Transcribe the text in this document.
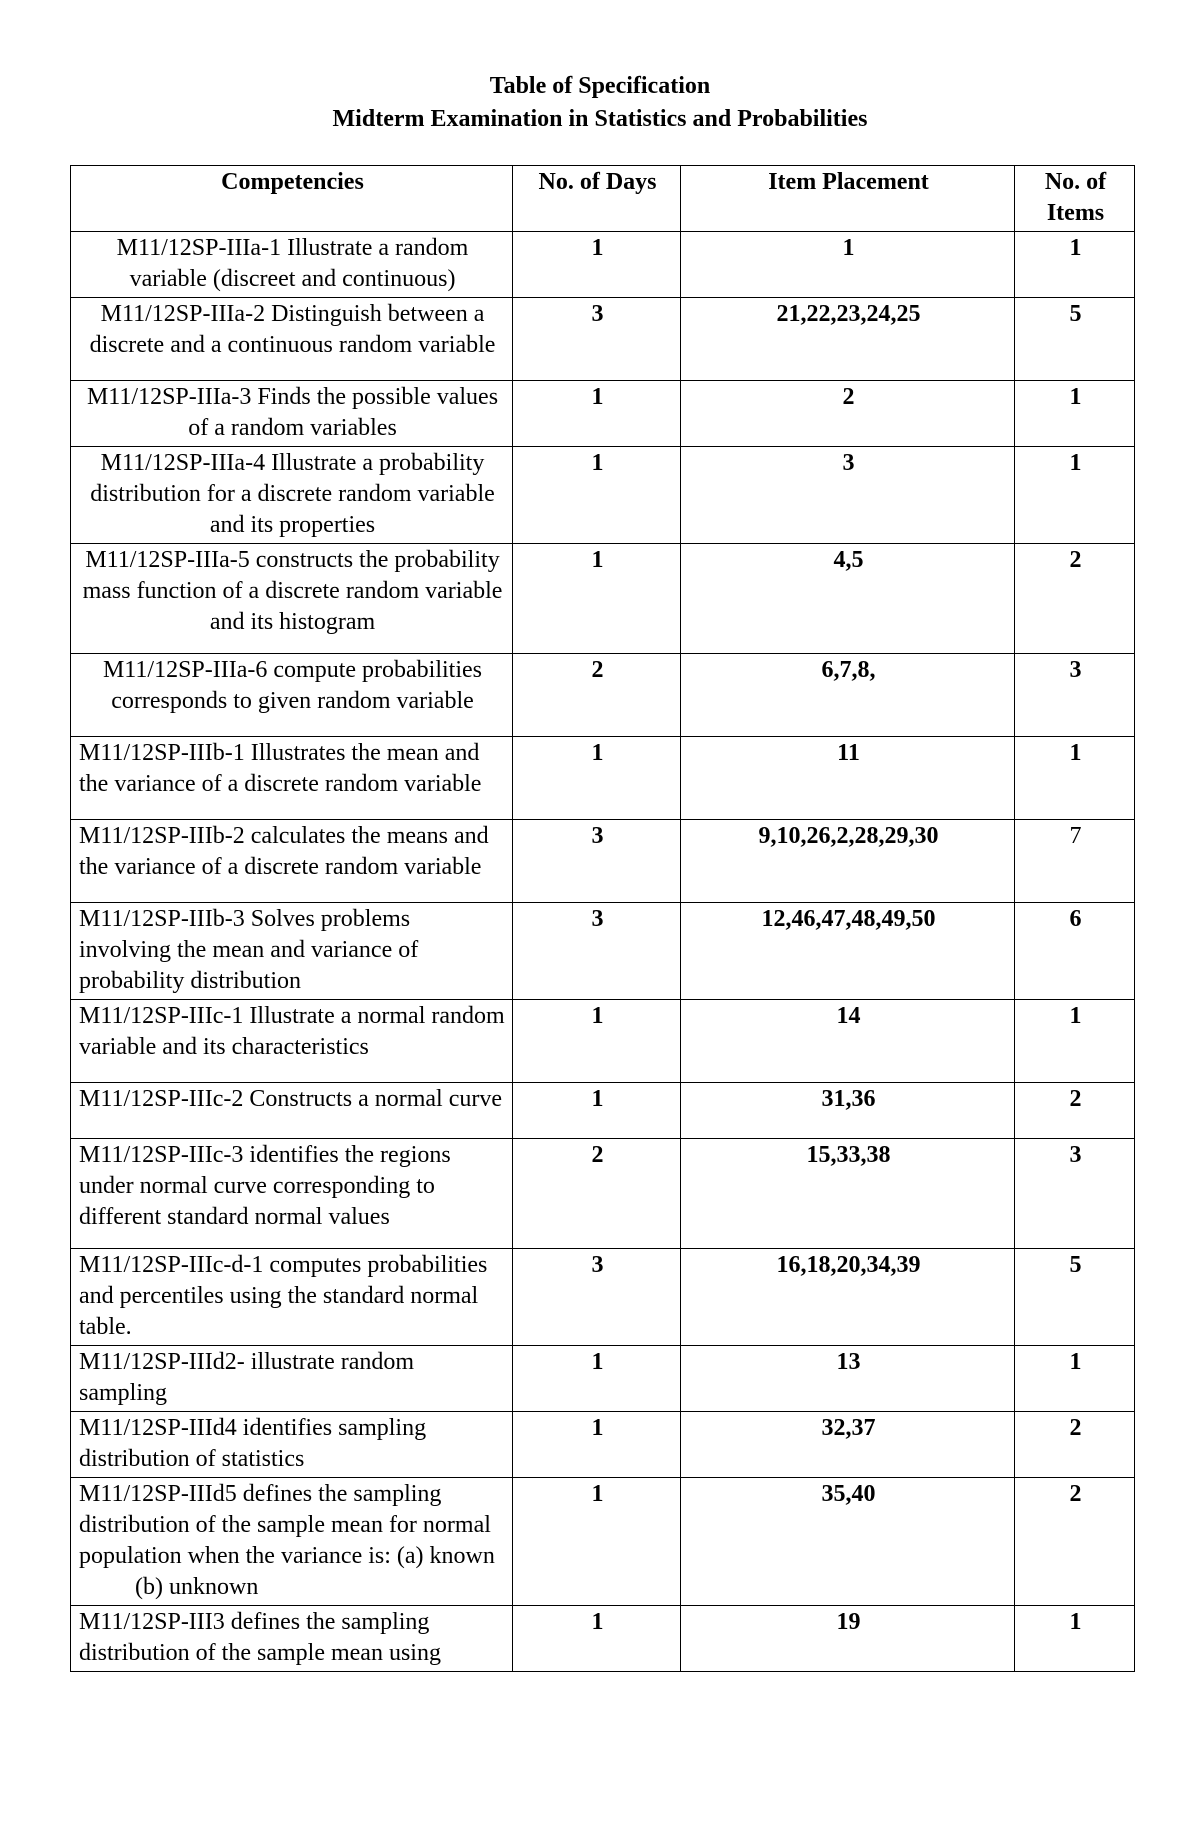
Table of Specification
Midterm Examination in Statistics and Probabilities
Competencies	No. of Days	Item Placement	No. of Items
M11/12SP-IIIa-1 Illustrate a random variable (discreet and continuous)	1	1	1
M11/12SP-IIIa-2 Distinguish between a discrete and a continuous random variable	3	21,22,23,24,25	5
M11/12SP-IIIa-3 Finds the possible values of a random variables	1	2	1
M11/12SP-IIIa-4 Illustrate a probability distribution for a discrete random variable and its properties	1	3	1
M11/12SP-IIIa-5 constructs the probability mass function of a discrete random variable and its histogram	1	4,5	2
M11/12SP-IIIa-6 compute probabilities corresponds to given random variable	2	6,7,8,	3
M11/12SP-IIIb-1 Illustrates the mean and the variance of a discrete random variable	1	11	1
M11/12SP-IIIb-2 calculates the means and the variance of a discrete random variable	3	9,10,26,2,28,29,30	7
M11/12SP-IIIb-3 Solves problems involving the mean and variance of probability distribution	3	12,46,47,48,49,50	6
M11/12SP-IIIc-1 Illustrate a normal random variable and its characteristics	1	14	1
M11/12SP-IIIc-2 Constructs a normal curve	1	31,36	2
M11/12SP-IIIc-3 identifies the regions under normal curve corresponding to different standard normal values	2	15,33,38	3
M11/12SP-IIIc-d-1 computes probabilities and percentiles using the standard normal table.	3	16,18,20,34,39	5
M11/12SP-IIId2- illustrate random sampling	1	13	1
M11/12SP-IIId4 identifies sampling distribution of statistics	1	32,37	2
M11/12SP-IIId5 defines the sampling distribution of the sample mean for normal population when the variance is: (a) known(b) unknown	1	35,40	2
M11/12SP-III3 defines the sampling distribution of the sample mean using	1	19	1
